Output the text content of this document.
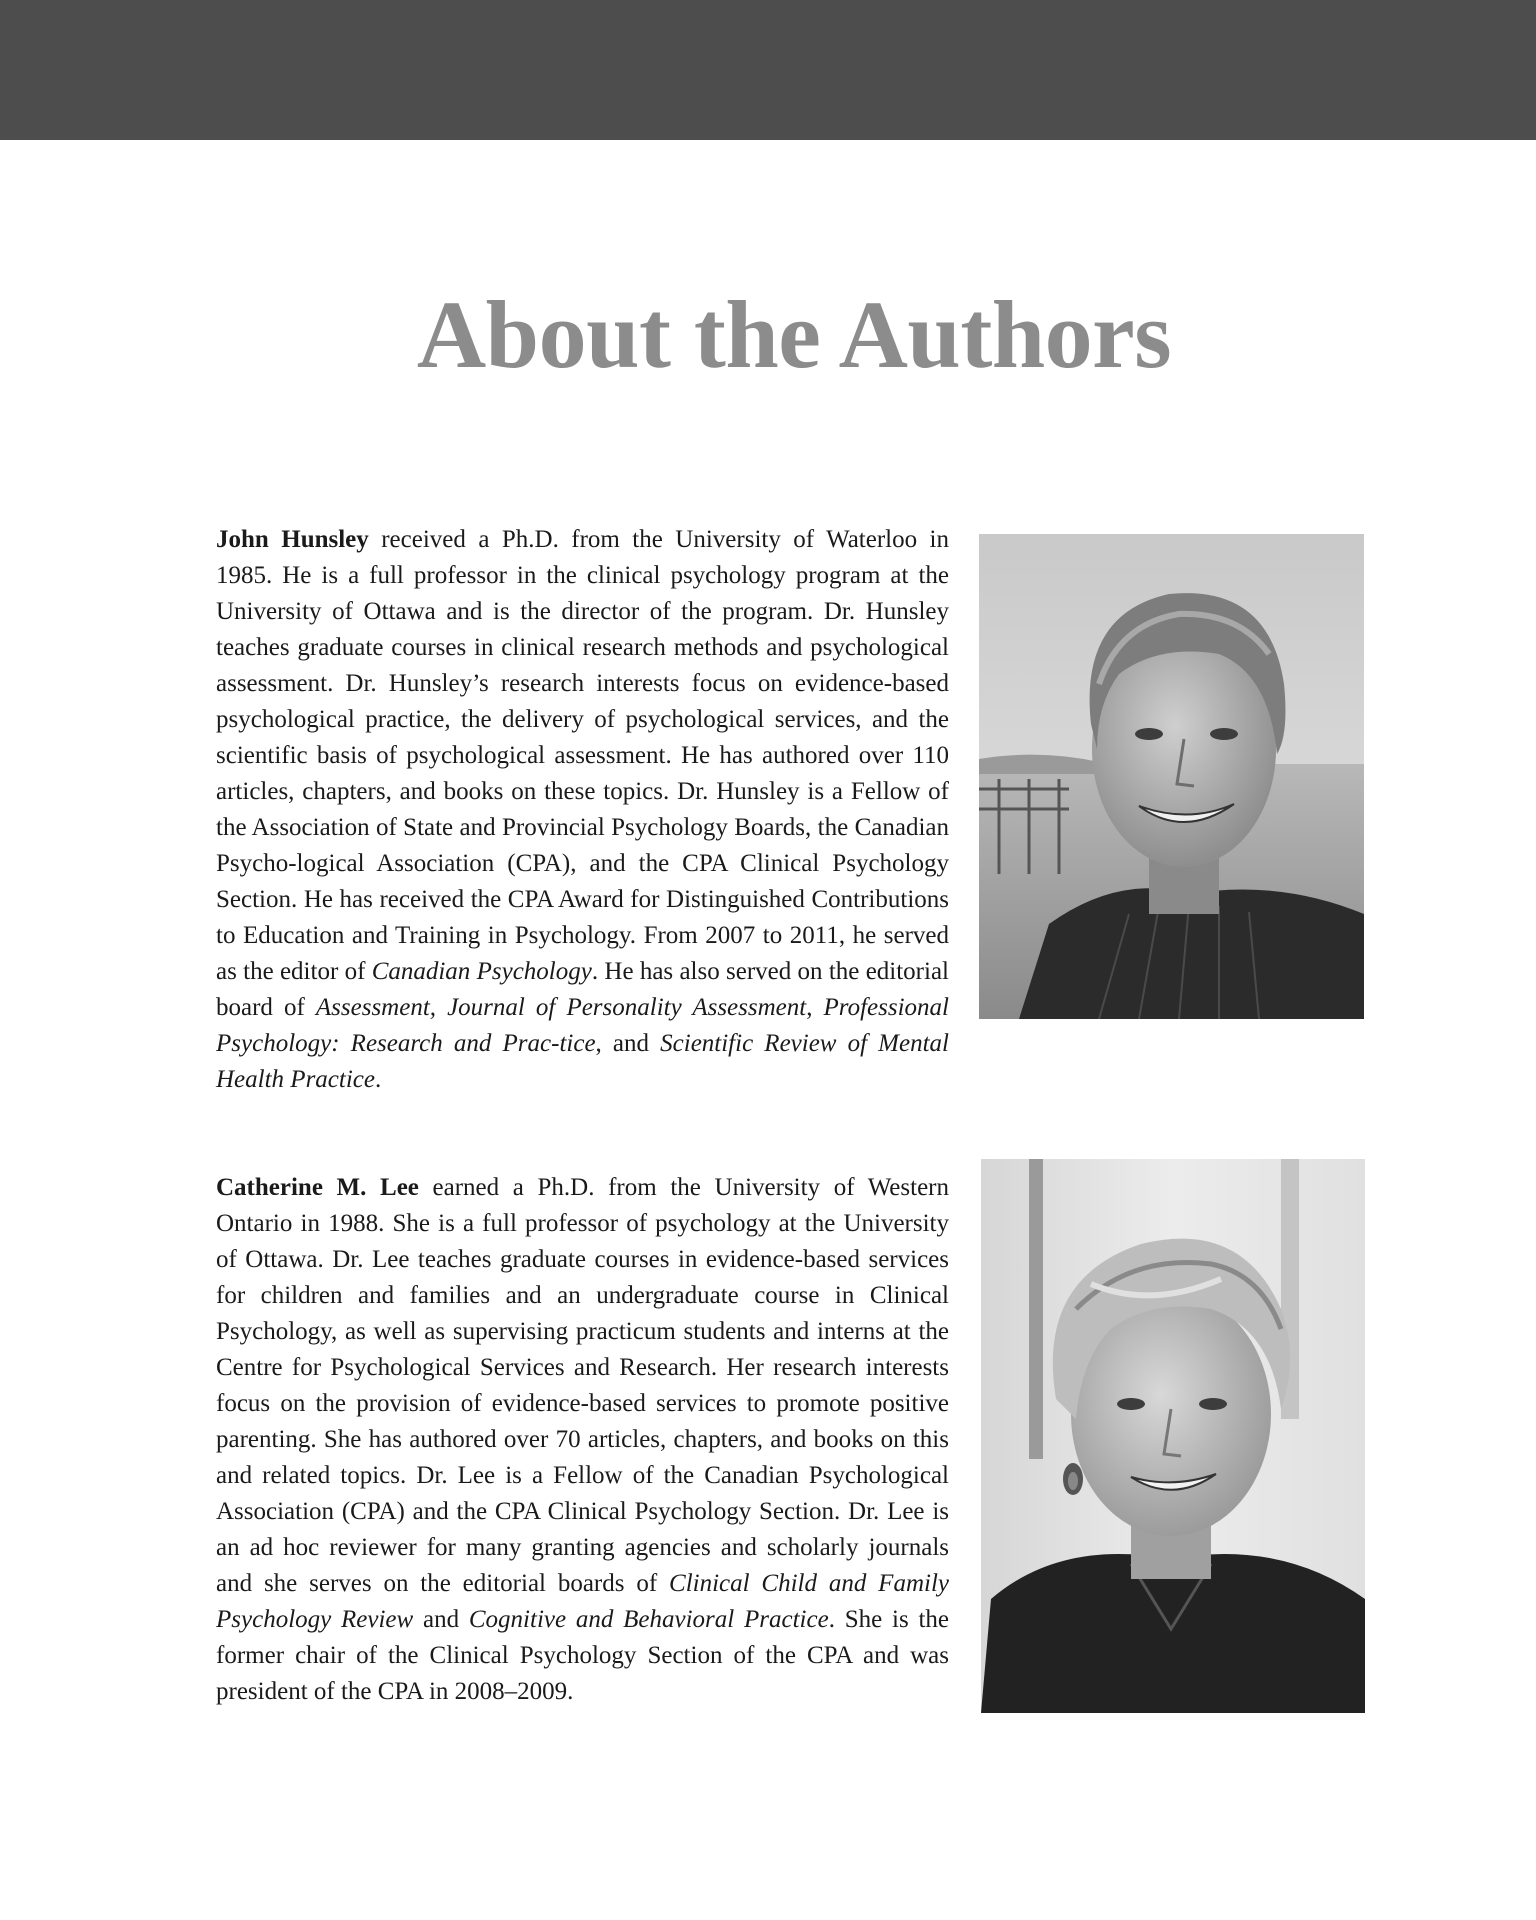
About the Authors

John Hunsley received a Ph.D. from the University of Waterloo in 1985. He is a full professor in the clinical psychology program at the University of Ottawa and is the director of the program. Dr. Hunsley teaches graduate courses in clinical research methods and psychological assessment. Dr. Hunsley’s research interests focus on evidence-based psychological practice, the delivery of psychological services, and the scientific basis of psychological assessment. He has authored over 110 articles, chapters, and books on these topics. Dr. Hunsley is a Fellow of the Association of State and Provincial Psychology Boards, the Canadian Psycho-logical Association (CPA), and the CPA Clinical Psychology Section. He has received the CPA Award for Distinguished Contributions to Education and Training in Psychology. From 2007 to 2011, he served as the editor of Canadian Psychology. He has also served on the editorial board of Assessment, Journal of Personality Assessment, Professional Psychology: Research and Prac-tice, and Scientific Review of Mental Health Practice.

Catherine M. Lee earned a Ph.D. from the University of Western Ontario in 1988. She is a full professor of psychology at the University of Ottawa. Dr. Lee teaches graduate courses in evidence-based services for children and families and an undergraduate course in Clinical Psychology, as well as supervising practicum students and interns at the Centre for Psychological Services and Research. Her research interests focus on the provision of evidence-based services to promote positive parenting. She has authored over 70 articles, chapters, and books on this and related topics. Dr. Lee is a Fellow of the Canadian Psychological Association (CPA) and the CPA Clinical Psychology Section. Dr. Lee is an ad hoc reviewer for many granting agencies and scholarly journals and she serves on the editorial boards of Clinical Child and Family Psychology Review and Cognitive and Behavioral Practice. She is the former chair of the Clinical Psychology Section of the CPA and was president of the CPA in 2008–2009.
